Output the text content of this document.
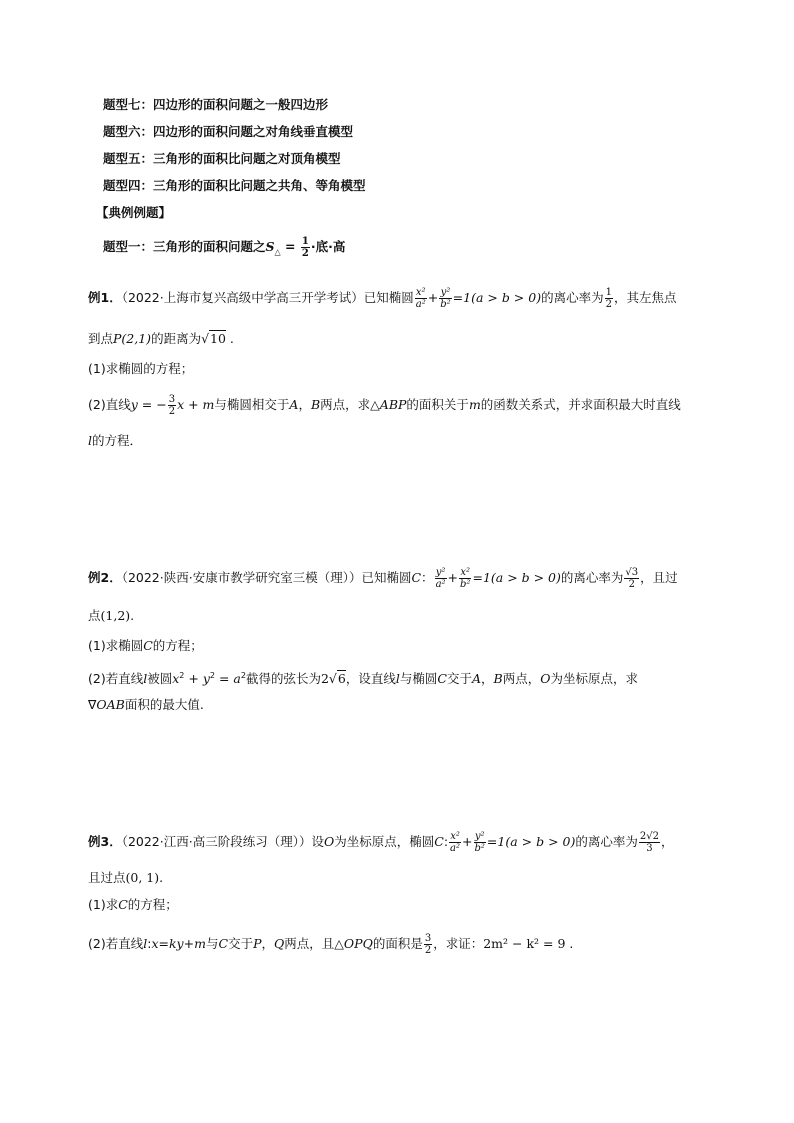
题型七：四边形的面积问题之一般四边形
题型六：四边形的面积问题之对角线垂直模型
题型五：三角形的面积比问题之对顶角模型
题型四：三角形的面积比问题之共角、等角模型
【典例例题】
题型一：三角形的面积问题之$S_\triangle = \frac{1}{2}$ ·底·高
例1．（2022·上海市复兴高级中学高三开学考试）已知椭圆 $\frac{\text{x²}}{\text{a²}} + \frac{\text{y²}}{\text{b²}} =1(a > b > 0)$的离心率为 $\frac{1}{2}$ ，其左焦点
到点P(2,1)的距离为√10 .
(1)求椭圆的方程；
(2)直线y = − $\frac{3}{2}$ x + m与椭圆相交于A，B两点，求△ABP的面积关于m的函数关系式，并求面积最大时直线
l的方程．
例2．（2022·陕西·安康市教学研究室三模（理））已知椭圆C： $\frac{\text{y²}}{\text{a²}} + \frac{\text{x²}}{\text{b²}} =1(a > b > 0)$的离心率为 $\frac{√3}{2}$ ，且过
点(1,2).
(1)求椭圆C的方程；
(2)若直线l被圆$x^2 + y^2 = a^2$截得的弦长为2√6，设直线l与椭圆C交于A，B两点，O为坐标原点，求
∇OAB面积的最大值.
例3．（2022·江西·高三阶段练习（理））设O为坐标原点，椭圆C: $\frac{\text{x²}}{\text{a²}} + \frac{\text{y²}}{\text{b²}} =1(a > b > 0)$的离心率为 $\frac{2√2}{3}$ ，
且过点(0, 1).
(1)求C的方程；
(2)若直线l:x=ky+m与C交于P，Q两点，且△OPQ的面积是 $\frac{3}{2}$ ，求证：2m² − k² = 9 .
